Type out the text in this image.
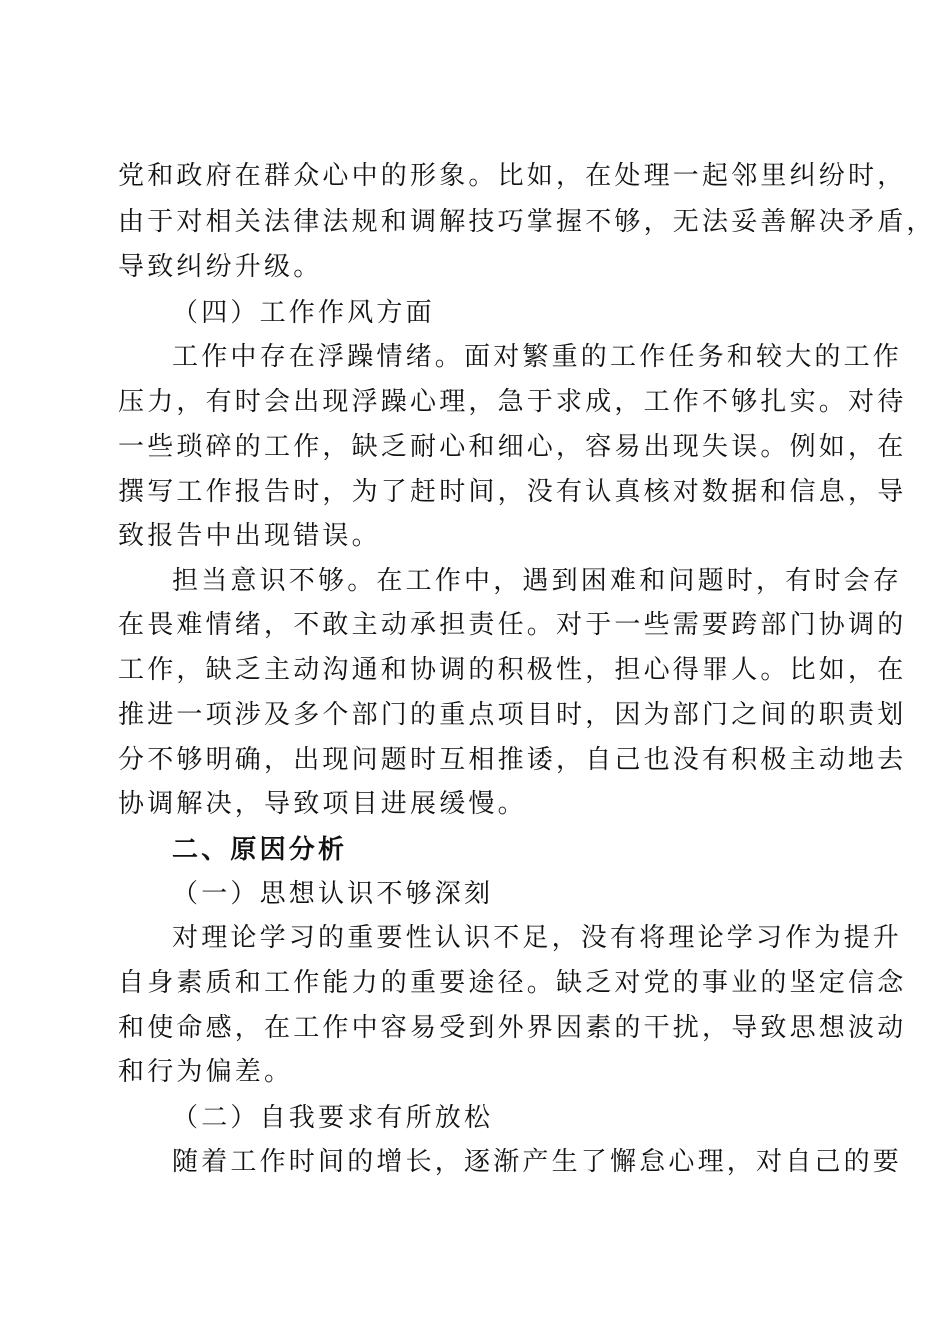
党和政府在群众心中的形象。比如，在处理一起邻里纠纷时，
由于对相关法律法规和调解技巧掌握不够，无法妥善解决矛盾，
导致纠纷升级。
（四）工作作风方面
工作中存在浮躁情绪。面对繁重的工作任务和较大的工作
压力，有时会出现浮躁心理，急于求成，工作不够扎实。对待
一些琐碎的工作，缺乏耐心和细心，容易出现失误。例如，在
撰写工作报告时，为了赶时间，没有认真核对数据和信息，导
致报告中出现错误。
担当意识不够。在工作中，遇到困难和问题时，有时会存
在畏难情绪，不敢主动承担责任。对于一些需要跨部门协调的
工作，缺乏主动沟通和协调的积极性，担心得罪人。比如，在
推进一项涉及多个部门的重点项目时，因为部门之间的职责划
分不够明确，出现问题时互相推诿，自己也没有积极主动地去
协调解决，导致项目进展缓慢。
二、原因分析
（一）思想认识不够深刻
对理论学习的重要性认识不足，没有将理论学习作为提升
自身素质和工作能力的重要途径。缺乏对党的事业的坚定信念
和使命感，在工作中容易受到外界因素的干扰，导致思想波动
和行为偏差。
（二）自我要求有所放松
随着工作时间的增长，逐渐产生了懈怠心理，对自己的要
